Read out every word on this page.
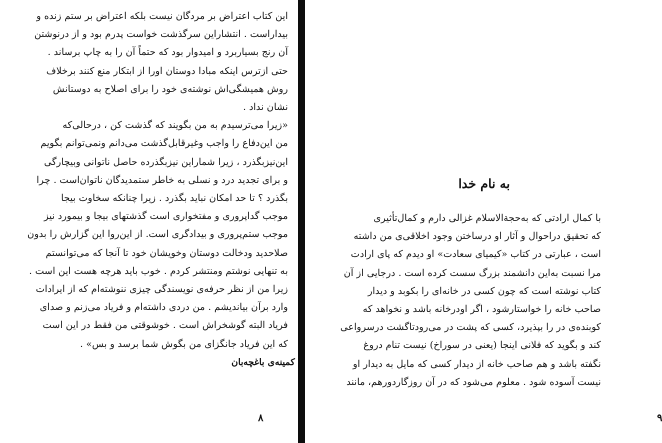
این کتاب اعتراض بر مردگان نیست بلکه اعتراض بر ستم زنده و
بیداراست . انتشاراین سرگذشت خواست پدرم بود و از درنوشتن
آن رنج بسیاربرد و امیدوار بود که حتماً آن را به چاپ برساند .
حتی ازترس اینکه مبادا دوستان اورا از ابتکار منع کنند برخلاف
روش همیشگی‌اش نوشته‌ی خود را برای اصلاح به دوستانش
نشان نداد .
«زیرا می‌ترسیدم به من بگویند که گذشت کن ، درحالی‌که
من این‌دفاع را واجب وغیرقابل‌گذشت می‌دانم ونمی‌توانم بگویم
این‌نیزبگذرد ، زیرا شماراین نیزبگذرده حاصل ناتوانی وبیچارگی
و برای تجدید درد و نسلی به خاطر ستمدیدگان ناتوان‌است . چرا
بگذرد ؟ تا حد امکان نباید بگذرد . زیرا چنانکه سخاوت بیجا
موجب گداپروری و مفتخواری است گذشتهای بیجا و بیمورد نیز
موجب ستم‌پروری و بیدادگری است. از این‌روا این گزارش را بدون
صلاحدید ودخالت دوستان وخویشان خود تا آنجا که می‌توانستم
به تنهایی نوشتم ومنتشر کردم . خوب باید هرچه هست این است .
زیرا من از نظر حرفه‌ی نویسندگی چیزی ننوشته‌ام که از ایرادات
وارد برآن بیاندیشم . من دردی داشته‌ام و فریاد می‌زنم و صدای
فریاد البته گوشخراش است . خوشوقتی من فقط در این است
که این فریاد جانگزای من بگوش شما برسد و بس» .
کمینه‌ی باغچه‌بان
۸
با کمال ارادتی که به‌حجة‌الاسلام غزالی دارم و کمال‌تأثیری
که تحقیق دراحوال و آثار او درساختن وجود اخلاقی‌ی من داشته
است ، عبارتی در کتاب «کیمیای سعادت» او دیدم که پای ارادت
مرا نسبت به‌این دانشمند بزرگ سست کرده است . درجایی از آن
کتاب نوشته است که چون کسی در خانه‌ای را بکوبد و دیدار
صاحب خانه را خواستارشود ، اگر اودرخانه باشد و نخواهد که
کوبنده‌ی در را بپذیرد، کسی که پشت در می‌رودتاگشت درسرواعی
کند و بگوید که فلانی اینجا (یعنی در سوراخ) نیست تنام دروغ
نگفته باشد و هم صاحب خانه از دیدار کسی که مایل به دیدار او
نیست آسوده شود . معلوم می‌شود که در آن روزگاردورهم، مانند
۹
به نام خدا
